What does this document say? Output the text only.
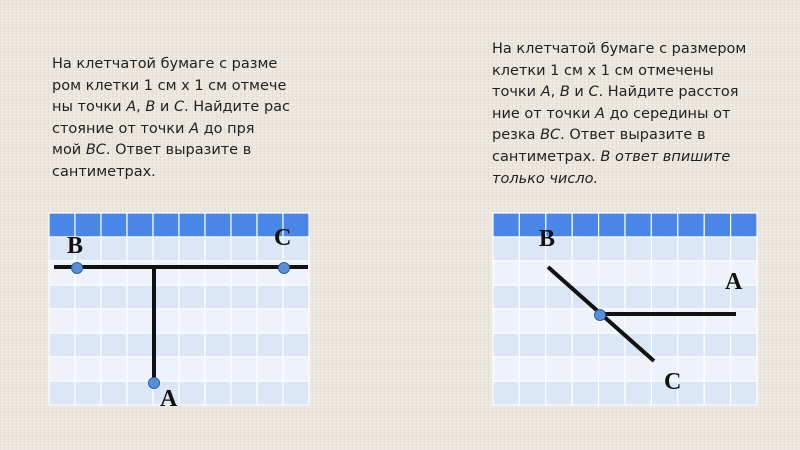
На клетчатой бумаге с разме
ром клетки 1 см х 1 см отмече
ны точки A, B и C. Найдите рас
стояние от точки A до пря
мой BC. Ответ выразите в
сантиметрах.
На клетчатой бумаге с размером
клетки 1 см х 1 см отмечены
точки A, B и C. Найдите расстоя
ние от точки A до середины от
резка BC. Ответ выразите в
сантиметрах. В ответ впишите
только число.
B	C
A
B
A
C
